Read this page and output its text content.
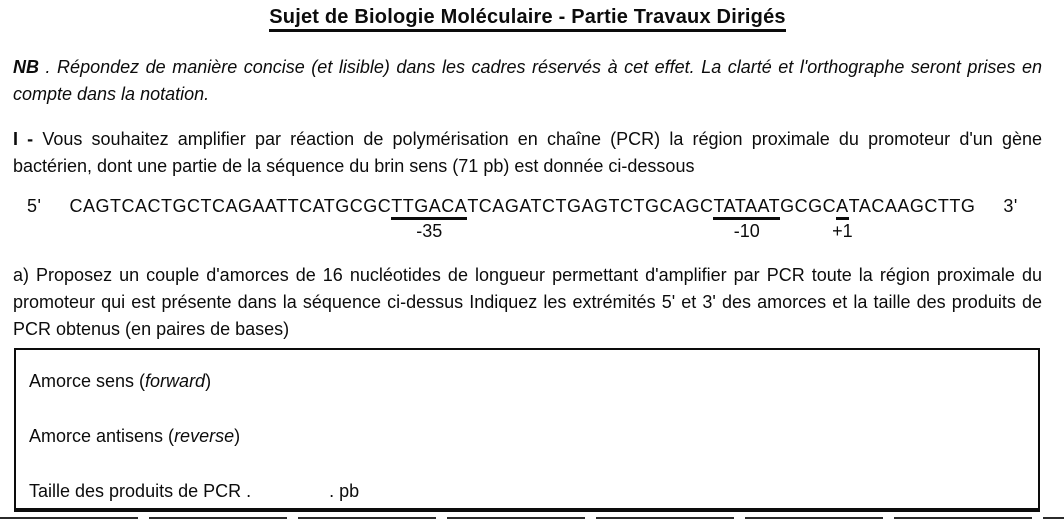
Sujet de Biologie Moléculaire - Partie Travaux Dirigés

NB . Répondez de manière concise (et lisible) dans les cadres réservés à cet effet. La clarté et l'orthographe seront prises en compte dans la notation.

I - Vous souhaitez amplifier par réaction de polymérisation en chaîne (PCR) la région proximale du promoteur d'un gène bactérien, dont une partie de la séquence du brin sens (71 pb) est donnée ci-dessous

5' CAGTCACTGCTCAGAATTCATGCGC TTGACA
-35
TCAGATCTGAGTCTGCAGC TATAAT
-10
GCGC A
+1
TACAAGCTTG 3'

a) Proposez un couple d'amorces de 16 nucléotides de longueur permettant d'amplifier par PCR toute la région proximale du promoteur qui est présente dans la séquence ci-dessus Indiquez les extrémités 5' et 3' des amorces et la taille des produits de PCR obtenus (en paires de bases)

Amorce sens ( forward )
Amorce antisens ( reverse )
Taille des produits de PCR .	. pb
